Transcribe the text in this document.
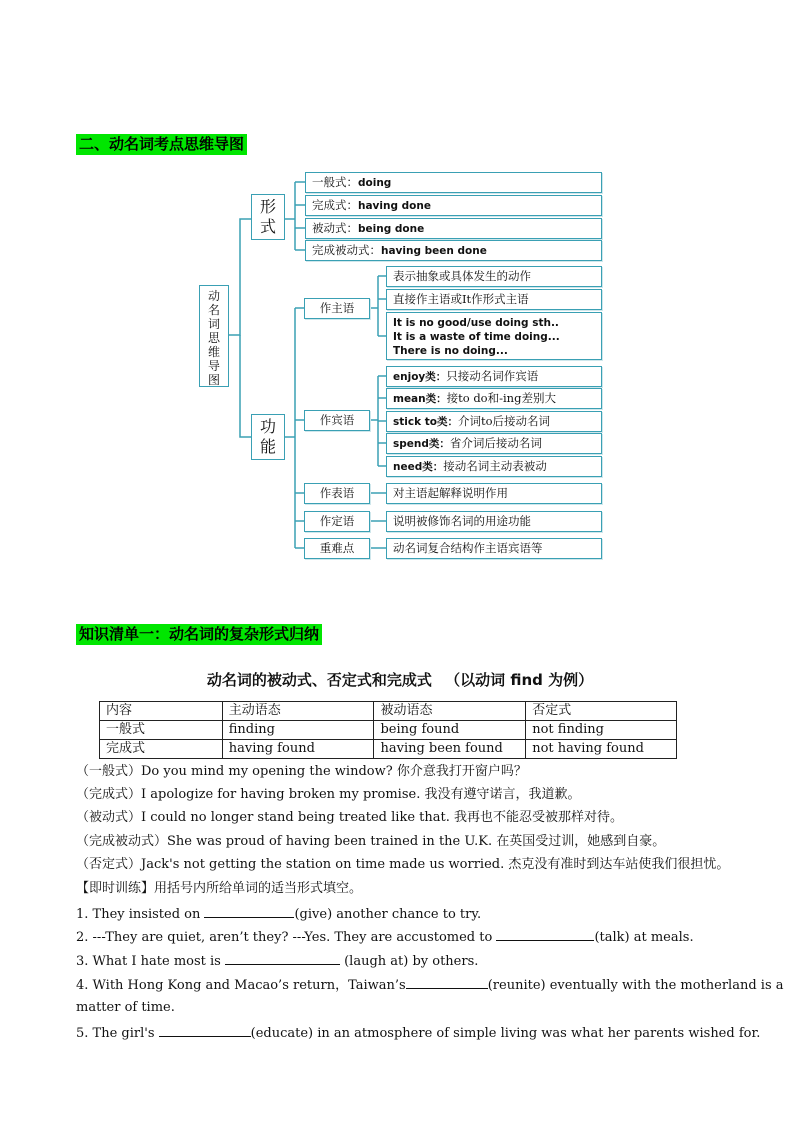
二、动名词考点思维导图
动
名
词
思
维
导
图
形
式
功
能
一般式：doing
完成式：having done
被动式：being done
完成被动式：having been done
作主语
作宾语
作表语
作定语
重难点
表示抽象或具体发生的动作
直接作主语或It作形式主语
It is no good/use doing sth..
It is a waste of time doing...
There is no doing...
enjoy类：只接动名词作宾语
mean类：接to do和-ing差别大
stick to类：介词to后接动名词
spend类：省介词后接动名词
need类：接动名词主动表被动
对主语起解释说明作用
说明被修饰名词的用途功能
动名词复合结构作主语宾语等
知识清单一：动名词的复杂形式归纳
动名词的被动式、否定式和完成式 （以动词 find 为例）
内容	主动语态	被动语态	否定式
一般式	finding	being found	not finding
完成式	having found	having been found	not having found
（一般式）Do you mind my opening the window? 你介意我打开窗户吗？
（完成式）I apologize for having broken my promise. 我没有遵守诺言，我道歉。
（被动式）I could no longer stand being treated like that. 我再也不能忍受被那样对待。
（完成被动式）She was proud of having been trained in the U.K. 在英国受过训，她感到自豪。
（否定式）Jack's not getting the station on time made us worried. 杰克没有准时到达车站使我们很担忧。
【即时训练】用括号内所给单词的适当形式填空。
1. They insisted on	(give) another chance to try.
2. ---They are quiet, aren’t they? ---Yes. They are accustomed to	(talk) at meals.
3. What I hate most is	(laugh at) by others.
4. With Hong Kong and Macao’s return，Taiwan’s	(reunite) eventually with the motherland is a
matter of time.
5. The girl's	(educate) in an atmosphere of simple living was what her parents wished for.
